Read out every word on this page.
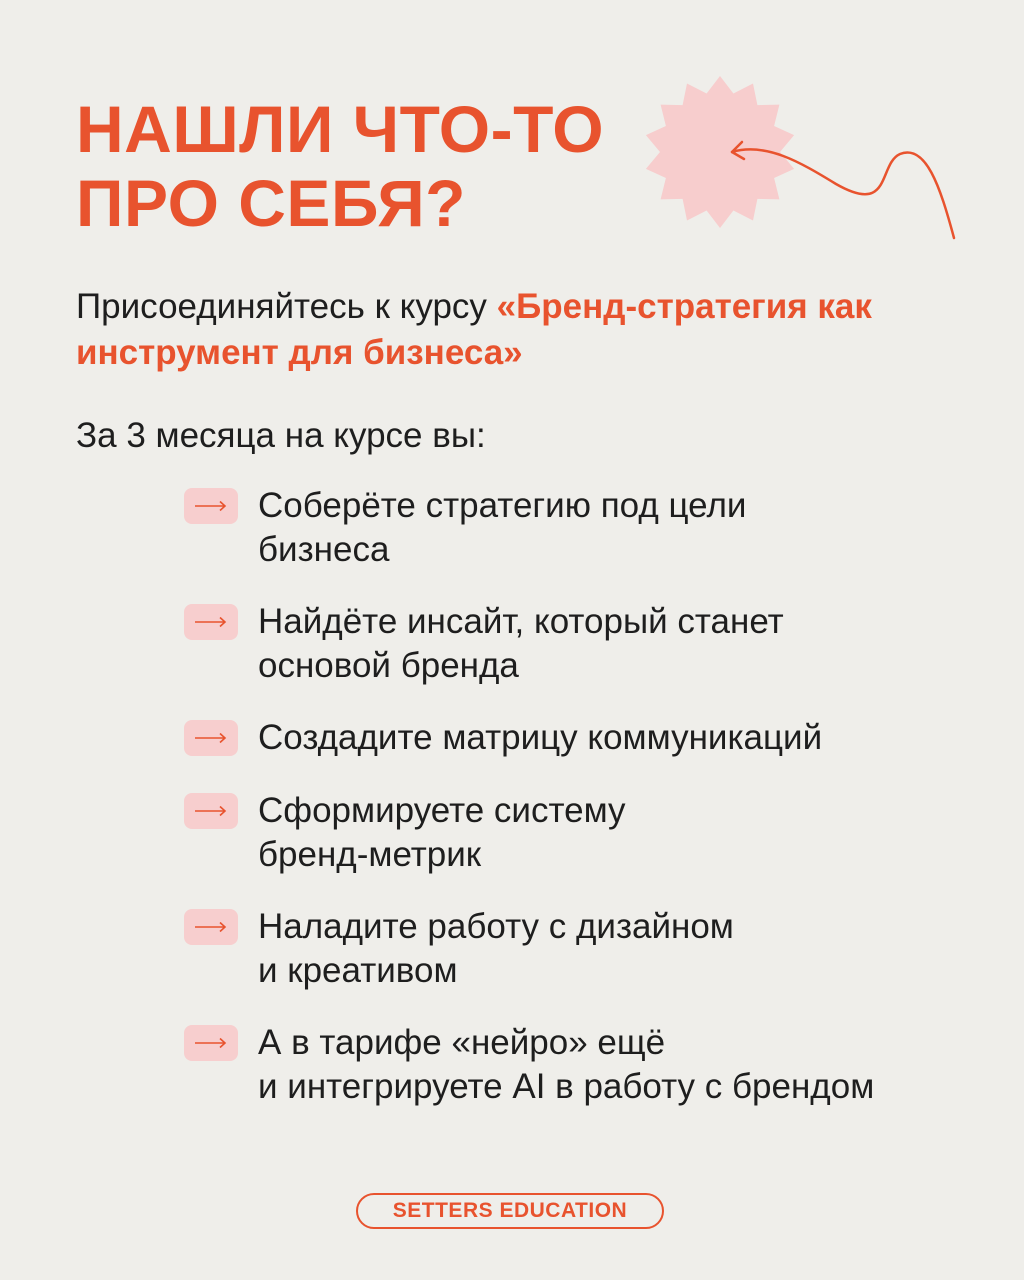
НАШЛИ ЧТО-ТО
ПРО СЕБЯ?
Присоединяйтесь к курсу «Бренд-стратегия как инструмент для бизнеса»
За 3 месяца на курсе вы:
Соберёте стратегию под цели
бизнеса
Найдёте инсайт, который станет
основой бренда
Создадите матрицу коммуникаций
Сформируете систему
бренд-метрик
Наладите работу с дизайном
и креативом
А в тарифе «нейро» ещё
и интегрируете AI в работу с брендом
SETTERS EDUCATION
